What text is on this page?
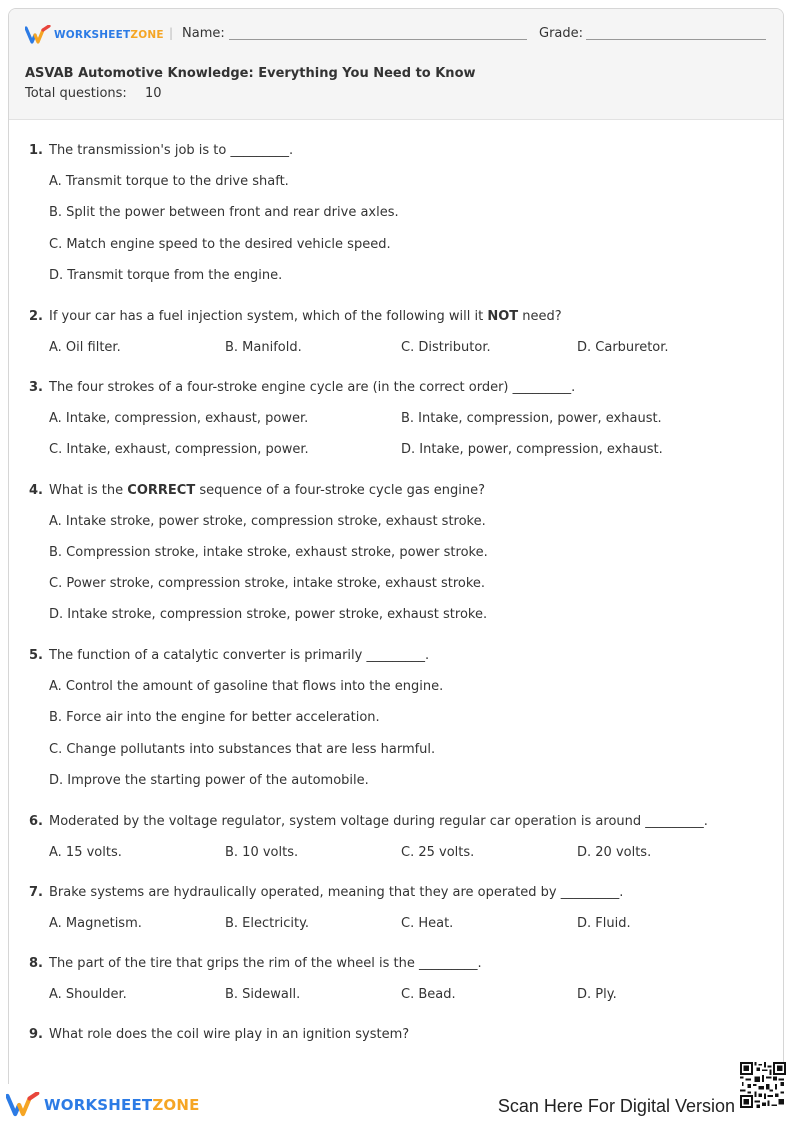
WORKSHEET ZONE | Name:	Grade:
ASVAB Automotive Knowledge: Everything You Need to Know
Total questions: 10
1. The transmission's job is to _________.
A. Transmit torque to the drive shaft.
B. Split the power between front and rear drive axles.
C. Match engine speed to the desired vehicle speed.
D. Transmit torque from the engine.
2. If your car has a fuel injection system, which of the following will it NOT need?
A. Oil filter.	B. Manifold.	C. Distributor.	D. Carburetor.
3. The four strokes of a four-stroke engine cycle are (in the correct order) _________.
A. Intake, compression, exhaust, power.	B. Intake, compression, power, exhaust.
C. Intake, exhaust, compression, power.	D. Intake, power, compression, exhaust.
4. What is the CORRECT sequence of a four-stroke cycle gas engine?
A. Intake stroke, power stroke, compression stroke, exhaust stroke.
B. Compression stroke, intake stroke, exhaust stroke, power stroke.
C. Power stroke, compression stroke, intake stroke, exhaust stroke.
D. Intake stroke, compression stroke, power stroke, exhaust stroke.
5. The function of a catalytic converter is primarily _________.
A. Control the amount of gasoline that flows into the engine.
B. Force air into the engine for better acceleration.
C. Change pollutants into substances that are less harmful.
D. Improve the starting power of the automobile.
6. Moderated by the voltage regulator, system voltage during regular car operation is around _________.
A. 15 volts.	B. 10 volts.	C. 25 volts.	D. 20 volts.
7. Brake systems are hydraulically operated, meaning that they are operated by _________.
A. Magnetism.	B. Electricity.	C. Heat.	D. Fluid.
8. The part of the tire that grips the rim of the wheel is the _________.
A. Shoulder.	B. Sidewall.	C. Bead.	D. Ply.
9. What role does the coil wire play in an ignition system?
WORKSHEET ZONE	Scan Here For Digital Version
